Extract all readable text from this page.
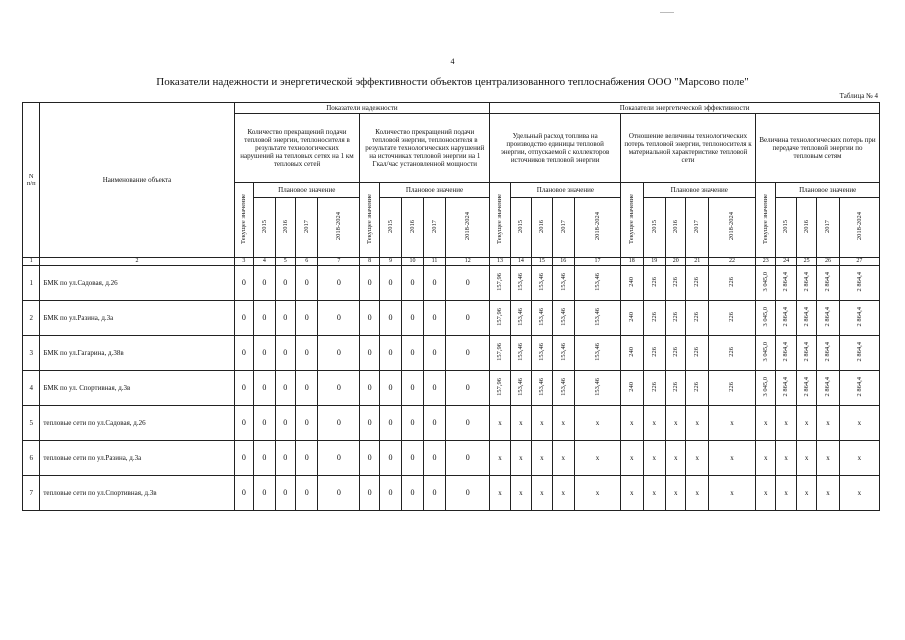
4
Показатели надежности и энергетической эффективности объектов централизованного теплоснабжения ООО "Марсово поле"
Таблица № 4
N
п/п	Наименование объекта	Показатели надежности										Показатели энергетической эффективности														
		Количество прекращений подачи тепловой энергии, теплоносителя в результате технологических нарушений на тепловых сетях на 1 км тепловых сетей					Количество прекращений подачи тепловой энергии, теплоносителя в результате технологических нарушений на источниках тепловой энергии на 1 Гкал/час установленной мощности					Удельный расход топлива на производство единицы тепловой энергии, отпускаемой с коллекторов источников тепловой энергии					Отношение величины технологических потерь тепловой энергии, теплоносителя к материальной характеристике тепловой сети					Величина технологических потерь при передаче тепловой энергии по тепловым сетям				
		Текущее значение	Плановое значение				Текущее значение	Плановое значение				Текущее значение	Плановое значение				Текущее значение	Плановое значение				Текущее значение	Плановое значение			
			2015	2016	2017	2018-2024		2015	2016	2017	2018-2024		2015	2016	2017	2018-2024		2015	2016	2017	2018-2024		2015	2016	2017	2018-2024
1	2	3	4	5	6	7	8	9	10	11	12	13	14	15	16	17	18	19	20	21	22	23	24	25	26	27
1	БМК по ул.Садовая, д.26	0	0	0	0	0	0	0	0	0	0	157,96	153,46	153,46	153,46	153,46	240	226	226	226	226	3 045,0	2 864,4	2 864,4	2 864,4	2 864,4
2	БМК по ул.Разина, д.3а	0	0	0	0	0	0	0	0	0	0	157,96	153,46	153,46	153,46	153,46	240	226	226	226	226	3 045,0	2 864,4	2 864,4	2 864,4	2 864,4
3	БМК по ул.Гагарина, д.38в	0	0	0	0	0	0	0	0	0	0	157,96	153,46	153,46	153,46	153,46	240	226	226	226	226	3 045,0	2 864,4	2 864,4	2 864,4	2 864,4
4	БМК по ул. Спортивная, д.3в	0	0	0	0	0	0	0	0	0	0	157,96	153,46	153,46	153,46	153,46	240	226	226	226	226	3 045,0	2 864,4	2 864,4	2 864,4	2 864,4
5	тепловые сети по ул.Садовая, д.26	0	0	0	0	0	0	0	0	0	0	x	x	x	x	x	x	x	x	x	x	x	x	x	x	x
6	тепловые сети по ул.Разина, д.3а	0	0	0	0	0	0	0	0	0	0	x	x	x	x	x	x	x	x	x	x	x	x	x	x	x
7	тепловые сети по ул.Спортивная, д.3в	0	0	0	0	0	0	0	0	0	0	x	x	x	x	x	x	x	x	x	x	x	x	x	x	x
